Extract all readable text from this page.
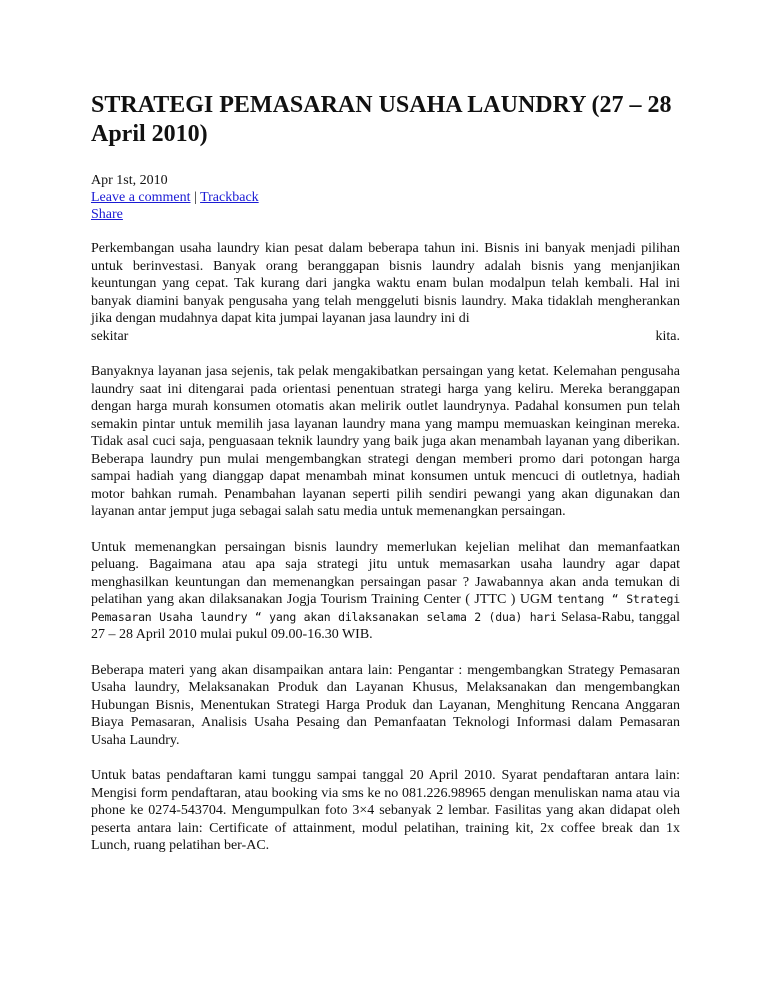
STRATEGI PEMASARAN USAHA LAUNDRY (27 – 28 April 2010)
Apr 1st, 2010
Leave a comment | Trackback
Share
Perkembangan usaha laundry kian pesat dalam beberapa tahun ini. Bisnis ini banyak menjadi pilihan untuk berinvestasi. Banyak orang beranggapan bisnis laundry adalah bisnis yang menjanjikan keuntungan yang cepat. Tak kurang dari jangka waktu enam bulan modalpun telah kembali. Hal ini banyak diamini banyak pengusaha yang telah menggeluti bisnis laundry. Maka tidaklah mengherankan jika dengan mudahnya dapat kita jumpai layanan jasa laundry ini di
sekitar	kita.

Banyaknya layanan jasa sejenis, tak pelak mengakibatkan persaingan yang ketat. Kelemahan pengusaha laundry saat ini ditengarai pada orientasi penentuan strategi harga yang keliru. Mereka beranggapan dengan harga murah konsumen otomatis akan melirik outlet laundrynya. Padahal konsumen pun telah semakin pintar untuk memilih jasa layanan laundry mana yang mampu memuaskan keinginan mereka. Tidak asal cuci saja, penguasaan teknik laundry yang baik juga akan menambah layanan yang diberikan. Beberapa laundry pun mulai mengembangkan strategi dengan memberi promo dari potongan harga sampai hadiah yang dianggap dapat menambah minat konsumen untuk mencuci di outletnya, hadiah motor bahkan rumah. Penambahan layanan seperti pilih sendiri pewangi yang akan digunakan dan layanan antar jemput juga sebagai salah satu media untuk memenangkan persaingan.

Untuk memenangkan persaingan bisnis laundry memerlukan kejelian melihat dan memanfaatkan peluang. Bagaimana atau apa saja strategi jitu untuk memasarkan usaha laundry agar dapat menghasilkan keuntungan dan memenangkan persaingan pasar ? Jawabannya akan anda temukan di pelatihan yang akan dilaksanakan Jogja Tourism Training Center ( JTTC ) UGM tentang “ Strategi Pemasaran Usaha laundry “ yang akan dilaksanakan selama 2 (dua) hari Selasa-Rabu, tanggal 27 – 28 April 2010 mulai pukul 09.00-16.30 WIB.

Beberapa materi yang akan disampaikan antara lain: Pengantar : mengembangkan Strategy Pemasaran Usaha laundry, Melaksanakan Produk dan Layanan Khusus, Melaksanakan dan mengembangkan Hubungan Bisnis, Menentukan Strategi Harga Produk dan Layanan, Menghitung Rencana Anggaran Biaya Pemasaran, Analisis Usaha Pesaing dan Pemanfaatan Teknologi Informasi dalam Pemasaran Usaha Laundry.

Untuk batas pendaftaran kami tunggu sampai tanggal 20 April 2010. Syarat pendaftaran antara lain: Mengisi form pendaftaran, atau booking via sms ke no 081.226.98965 dengan menuliskan nama atau via phone ke 0274-543704. Mengumpulkan foto 3×4 sebanyak 2 lembar. Fasilitas yang akan didapat oleh peserta antara lain: Certificate of attainment, modul pelatihan, training kit, 2x coffee break dan 1x Lunch, ruang pelatihan ber-AC.
